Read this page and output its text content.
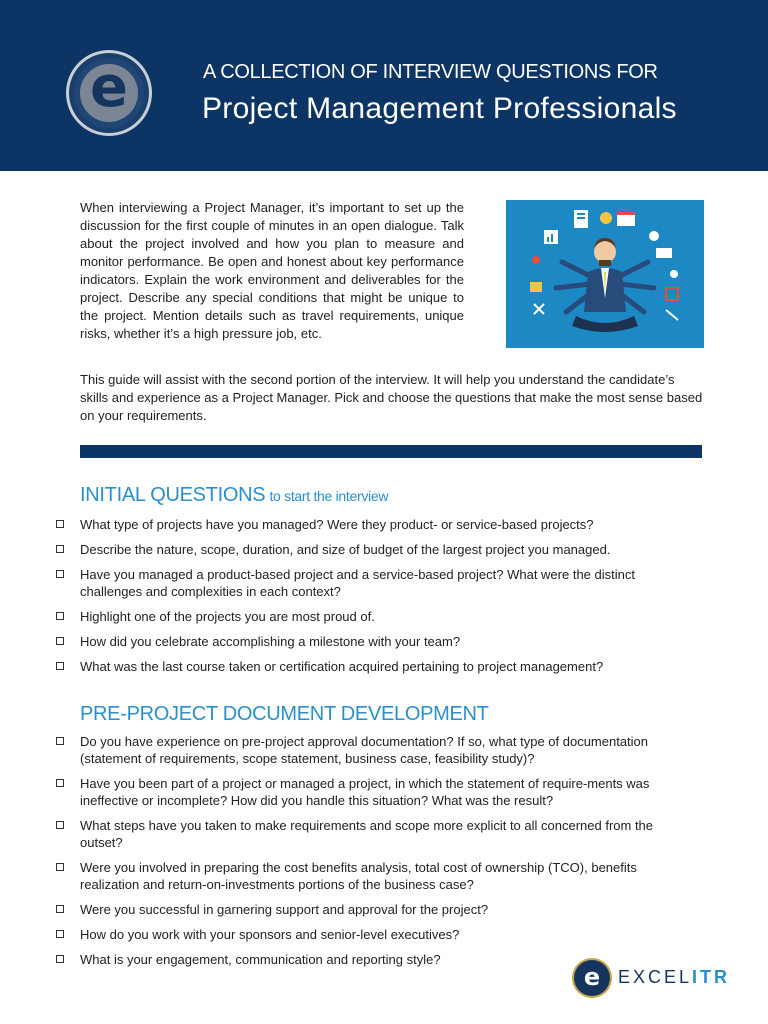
e	A COLLECTION OF INTERVIEW QUESTIONS FOR
Project Management Professionals
When interviewing a Project Manager, it’s important to set up the discussion for the first couple of minutes in an open dialogue. Talk about the project involved and how you plan to measure and monitor performance. Be open and honest about key performance indicators. Explain the work environment and deliverables for the project. Describe any special conditions that might be unique to the project. Mention details such as travel requirements, unique risks, whether it’s a high pressure job, etc.
This guide will assist with the second portion of the interview. It will help you understand the candidate’s skills and experience as a Project Manager. Pick and choose the questions that make the most sense based on your requirements.
INITIAL QUESTIONS to start the interview
What type of projects have you managed? Were they product- or service-based projects?
Describe the nature, scope, duration, and size of budget of the largest project you managed.
Have you managed a product-based project and a service-based project? What were the distinct challenges and complexities in each context?
Highlight one of the projects you are most proud of.
How did you celebrate accomplishing a milestone with your team?
What was the last course taken or certification acquired pertaining to project management?
PRE-PROJECT DOCUMENT DEVELOPMENT
Do you have experience on pre-project approval documentation? If so, what type of documentation (statement of requirements, scope statement, business case, feasibility study)?
Have you been part of a project or managed a project, in which the statement of require-ments was ineffective or incomplete? How did you handle this situation? What was the result?
What steps have you taken to make requirements and scope more explicit to all concerned from the outset?
Were you involved in preparing the cost benefits analysis, total cost of ownership (TCO), benefits realization and return-on-investments portions of the business case?
Were you successful in garnering support and approval for the project?
How do you work with your sponsors and senior-level executives?
What is your engagement, communication and reporting style?
e EXCELITR
